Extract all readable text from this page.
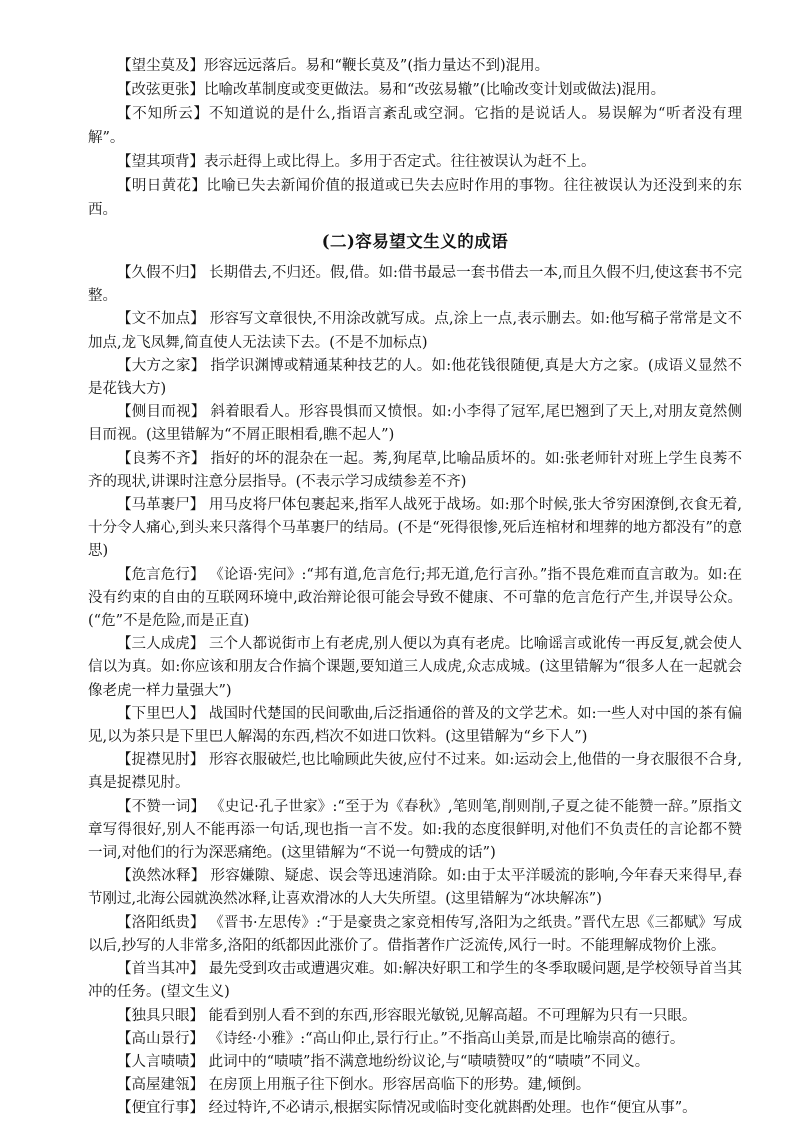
【望尘莫及】形容远远落后。易和“鞭长莫及”(指力量达不到)混用。

【改弦更张】比喻改革制度或变更做法。易和“改弦易辙”(比喻改变计划或做法)混用。

【不知所云】不知道说的是什么,指语言紊乱或空洞。它指的是说话人。易误解为“听者没有理解”。

【望其项背】表示赶得上或比得上。多用于否定式。往往被误认为赶不上。

【明日黄花】比喻已失去新闻价值的报道或已失去应时作用的事物。往往被误认为还没到来的东西。

(二)容易望文生义的成语

【久假不归】 长期借去,不归还。假,借。如:借书最忌一套书借去一本,而且久假不归,使这套书不完整。

【文不加点】 形容写文章很快,不用涂改就写成。点,涂上一点,表示删去。如:他写稿子常常是文不加点,龙飞凤舞,简直使人无法读下去。(不是不加标点)

【大方之家】 指学识渊博或精通某种技艺的人。如:他花钱很随便,真是大方之家。(成语义显然不是花钱大方)

【侧目而视】 斜着眼看人。形容畏惧而又愤恨。如:小李得了冠军,尾巴翘到了天上,对朋友竟然侧目而视。(这里错解为“不屑正眼相看,瞧不起人”)

【良莠不齐】 指好的坏的混杂在一起。莠,狗尾草,比喻品质坏的。如:张老师针对班上学生良莠不齐的现状,讲课时注意分层指导。(不表示学习成绩参差不齐)

【马革裹尸】 用马皮将尸体包裹起来,指军人战死于战场。如:那个时候,张大爷穷困潦倒,衣食无着,十分令人痛心,到头来只落得个马革裹尸的结局。(不是“死得很惨,死后连棺材和埋葬的地方都没有”的意思)

【危言危行】 《论语·宪问》:“邦有道,危言危行;邦无道,危行言孙。”指不畏危难而直言敢为。如:在没有约束的自由的互联网环境中,政治辩论很可能会导致不健康、不可靠的危言危行产生,并误导公众。(“危”不是危险,而是正直)

【三人成虎】 三个人都说街市上有老虎,别人便以为真有老虎。比喻谣言或讹传一再反复,就会使人信以为真。如:你应该和朋友合作搞个课题,要知道三人成虎,众志成城。(这里错解为“很多人在一起就会像老虎一样力量强大”)

【下里巴人】 战国时代楚国的民间歌曲,后泛指通俗的普及的文学艺术。如:一些人对中国的茶有偏见,以为茶只是下里巴人解渴的东西,档次不如进口饮料。(这里错解为“乡下人”)

【捉襟见肘】 形容衣服破烂,也比喻顾此失彼,应付不过来。如:运动会上,他借的一身衣服很不合身,真是捉襟见肘。

【不赞一词】 《史记·孔子世家》:“至于为《春秋》,笔则笔,削则削,子夏之徒不能赞一辞。”原指文章写得很好,别人不能再添一句话,现也指一言不发。如:我的态度很鲜明,对他们不负责任的言论都不赞一词,对他们的行为深恶痛绝。(这里错解为“不说一句赞成的话”)

【涣然冰释】 形容嫌隙、疑虑、误会等迅速消除。如:由于太平洋暖流的影响,今年春天来得早,春节刚过,北海公园就涣然冰释,让喜欢滑冰的人大失所望。(这里错解为“冰块解冻”)

【洛阳纸贵】 《晋书·左思传》:“于是豪贵之家竞相传写,洛阳为之纸贵。”晋代左思《三都赋》写成以后,抄写的人非常多,洛阳的纸都因此涨价了。借指著作广泛流传,风行一时。不能理解成物价上涨。

【首当其冲】 最先受到攻击或遭遇灾难。如:解决好职工和学生的冬季取暖问题,是学校领导首当其冲的任务。(望文生义)

【独具只眼】 能看到别人看不到的东西,形容眼光敏锐,见解高超。不可理解为只有一只眼。

【高山景行】 《诗经·小雅》:“高山仰止,景行行止。”不指高山美景,而是比喻崇高的德行。

【人言啧啧】 此词中的“啧啧”指不满意地纷纷议论,与“啧啧赞叹”的“啧啧”不同义。

【高屋建瓴】 在房顶上用瓶子往下倒水。形容居高临下的形势。建,倾倒。

【便宜行事】 经过特许,不必请示,根据实际情况或临时变化就斟酌处理。也作“便宜从事”。
